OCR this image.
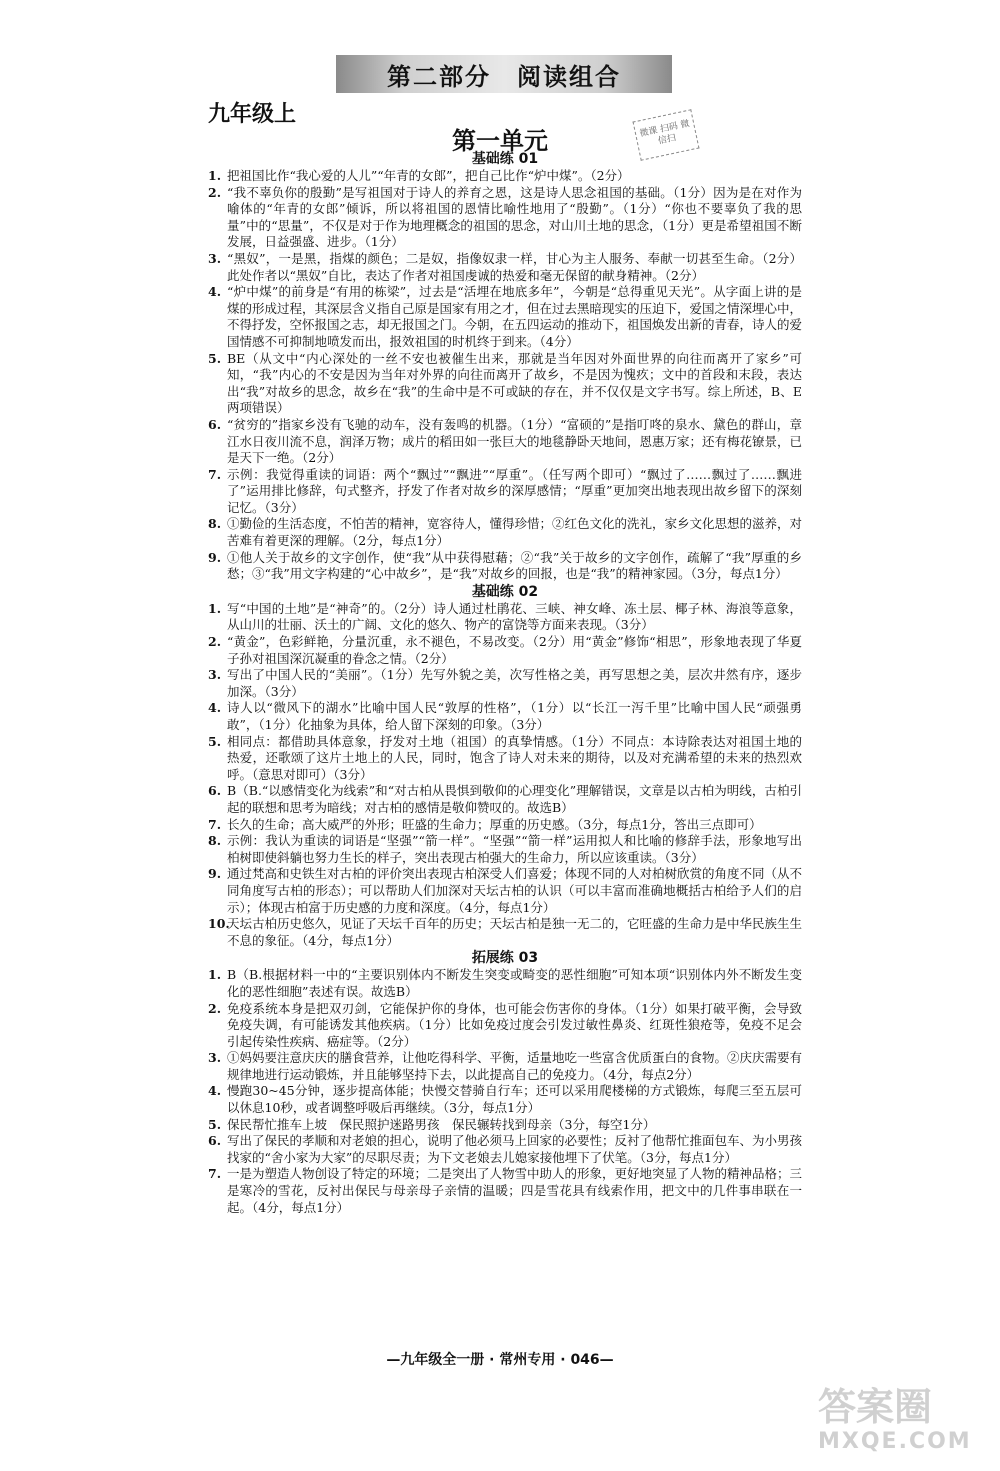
第二部分　阅读组合
九年级上
第一单元	微课 扫码 微信扫
基础练 01
1. 把祖国比作“我心爱的人儿”“年青的女郎”，把自己比作“炉中煤”。（2分）
2. “我不辜负你的殷勤”是写祖国对于诗人的养育之恩，这是诗人思念祖国的基础。（1分）因为是在对作为喻体的“年青的女郎”倾诉，所以将祖国的恩情比喻性地用了“殷勤”。（1分）“你也不要辜负了我的思量”中的“思量”，不仅是对于作为地理概念的祖国的思念，对山川土地的思念，（1分）更是希望祖国不断发展，日益强盛、进步。（1分）
3. “黑奴”，一是黑，指煤的颜色；二是奴，指像奴隶一样，甘心为主人服务、奉献一切甚至生命。（2分）此处作者以“黑奴”自比，表达了作者对祖国虔诚的热爱和毫无保留的献身精神。（2分）
4. “炉中煤”的前身是“有用的栋梁”，过去是“活埋在地底多年”，今朝是“总得重见天光”。从字面上讲的是煤的形成过程，其深层含义指自己原是国家有用之才，但在过去黑暗现实的压迫下，爱国之情深埋心中，不得抒发，空怀报国之志，却无报国之门。今朝，在五四运动的推动下，祖国焕发出新的青春，诗人的爱国情感不可抑制地喷发而出，报效祖国的时机终于到来。（4分）
5. BE（从文中“内心深处的一丝不安也被催生出来，那就是当年因对外面世界的向往而离开了家乡”可知，“我”内心的不安是因为当年对外界的向往而离开了故乡，不是因为愧疚；文中的首段和末段，表达出“我”对故乡的思念，故乡在“我”的生命中是不可或缺的存在，并不仅仅是文字书写。综上所述，B、E两项错误）
6. “贫穷的”指家乡没有飞驰的动车，没有轰鸣的机器。（1分）“富硕的”是指叮咚的泉水、黛色的群山，章江水日夜川流不息，润泽万物；成片的稻田如一张巨大的地毯静卧天地间，恩惠万家；还有梅花镣景，已是天下一绝。（2分）
7. 示例：我觉得重读的词语：两个“飘过”“飘进”“厚重”。（任写两个即可）“飘过了……飘过了……飘进了”运用排比修辞，句式整齐，抒发了作者对故乡的深厚感情；“厚重”更加突出地表现出故乡留下的深刻记忆。（3分）
8. ①勤俭的生活态度，不怕苦的精神，宽容待人，懂得珍惜；②红色文化的洗礼，家乡文化思想的滋养，对苦难有着更深的理解。（2分，每点1分）
9. ①他人关于故乡的文字创作，使“我”从中获得慰藉；②“我”关于故乡的文字创作，疏解了“我”厚重的乡愁；③“我”用文字构建的“心中故乡”，是“我”对故乡的回报，也是“我”的精神家园。（3分，每点1分）
基础练 02
1. 写“中国的土地”是“神奇”的。（2分）诗人通过杜鹃花、三峡、神女峰、冻土层、椰子林、海浪等意象，从山川的壮丽、沃土的广阔、文化的悠久、物产的富饶等方面来表现。（3分）
2. “黄金”，色彩鲜艳，分量沉重，永不褪色，不易改变。（2分）用“黄金”修饰“相思”，形象地表现了华夏子孙对祖国深沉凝重的眷念之情。（2分）
3. 写出了中国人民的“美丽”。（1分）先写外貌之美，次写性格之美，再写思想之美，层次井然有序，逐步加深。（3分）
4. 诗人以“微风下的湖水”比喻中国人民“敦厚的性格”，（1分）以“长江一泻千里”比喻中国人民“顽强勇敢”，（1分）化抽象为具体，给人留下深刻的印象。（3分）
5. 相同点：都借助具体意象，抒发对土地（祖国）的真挚情感。（1分）不同点：本诗除表达对祖国土地的热爱，还歌颂了这片土地上的人民，同时，饱含了诗人对未来的期待，以及对充满希望的未来的热烈欢呼。（意思对即可）（3分）
6. B（B.“以感情变化为线索”和“对古柏从畏惧到敬仰的心理变化”理解错误，文章是以古柏为明线，古柏引起的联想和思考为暗线；对古柏的感情是敬仰赞叹的。故选B）
7. 长久的生命；高大威严的外形；旺盛的生命力；厚重的历史感。（3分，每点1分，答出三点即可）
8. 示例：我认为重读的词语是“坚强”“箭一样”。“坚强”“箭一样”运用拟人和比喻的修辞手法，形象地写出柏树即使斜躺也努力生长的样子，突出表现古柏强大的生命力，所以应该重读。（3分）
9. 通过梵高和史铁生对古柏的评价突出表现古柏深受人们喜爱；体现不同的人对柏树欣赏的角度不同（从不同角度写古柏的形态）；可以帮助人们加深对天坛古柏的认识（可以丰富而准确地概括古柏给予人们的启示）；体现古柏富于历史感的力度和深度。（4分，每点1分）
10.
天坛古柏历史悠久，见证了天坛千百年的历史；天坛古柏是独一无二的，它旺盛的生命力是中华民族生生不息的象征。（4分，每点1分）
拓展练 03
1. B（B.根据材料一中的“主要识别体内不断发生突变或畸变的恶性细胞”可知本项“识别体内外不断发生变化的恶性细胞”表述有误。故选B）
2. 免疫系统本身是把双刃剑，它能保护你的身体，也可能会伤害你的身体。（1分）如果打破平衡，会导致免疫失调，有可能诱发其他疾病。（1分）比如免疫过度会引发过敏性鼻炎、红斑性狼疮等，免疫不足会引起传染性疾病、癌症等。（2分）
3. ①妈妈要注意庆庆的膳食营养，让他吃得科学、平衡，适量地吃一些富含优质蛋白的食物。②庆庆需要有规律地进行运动锻炼，并且能够坚持下去，以此提高自己的免疫力。（4分，每点2分）
4. 慢跑30~45分钟，逐步提高体能；快慢交替骑自行车；还可以采用爬楼梯的方式锻炼，每爬三至五层可以休息10秒，或者调整呼吸后再继续。（3分，每点1分）
5. 保民帮忙推车上坡　保民照护迷路男孩　保民辗转找到母亲（3分，每空1分）
6. 写出了保民的孝顺和对老娘的担心，说明了他必须马上回家的必要性；反衬了他帮忙推面包车、为小男孩找家的“舍小家为大家”的尽职尽责；为下文老娘去儿媳家接他埋下了伏笔。（3分，每点1分）
7. 一是为塑造人物创设了特定的环境；二是突出了人物雪中助人的形象，更好地突显了人物的精神品格；三是寒冷的雪花，反衬出保民与母亲母子亲情的温暖；四是雪花具有线索作用，把文中的几件事串联在一起。（4分，每点1分）
—九年级全一册 · 常州专用 · 046—
答案圈
MXQE.COM
